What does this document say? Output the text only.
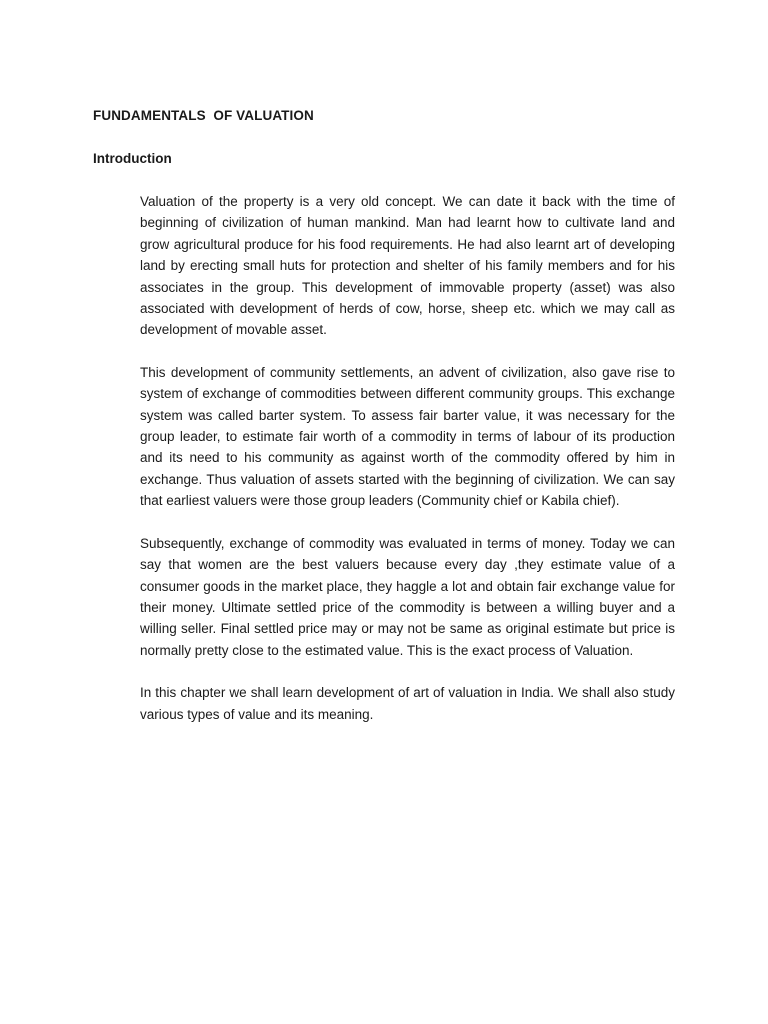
FUNDAMENTALS  OF VALUATION
Introduction

Valuation of the property is a very old concept. We can date it back with the time of beginning of civilization of human mankind. Man had learnt how to cultivate land and grow agricultural produce for his food requirements. He had also learnt art of developing land by erecting small huts for protection and shelter of his family members and for his associates in the group. This development of immovable property (asset) was also associated with development of herds of cow, horse, sheep etc. which we may call as development of movable asset.

This development of community settlements, an advent of civilization, also gave rise to system of exchange of commodities between different community groups. This exchange system was called barter system. To assess fair barter value, it was necessary for the group leader, to estimate fair worth of a commodity in terms of labour of its production and its need to his community as against worth of the commodity offered by him in exchange. Thus valuation of assets started with the beginning of civilization. We can say that earliest valuers were those group leaders (Community chief or Kabila chief).

Subsequently, exchange of commodity was evaluated in terms of money. Today we can say that women are the best valuers because every day ,they estimate value of a consumer goods in the market place, they haggle a lot and obtain fair exchange value for their money. Ultimate settled price of the commodity is between a willing buyer and a willing seller. Final settled price may or may not be same as original estimate but price is normally pretty close to the estimated value. This is the exact process of Valuation.

In this chapter we shall learn development of art of valuation in India. We shall also study various types of value and its meaning.
